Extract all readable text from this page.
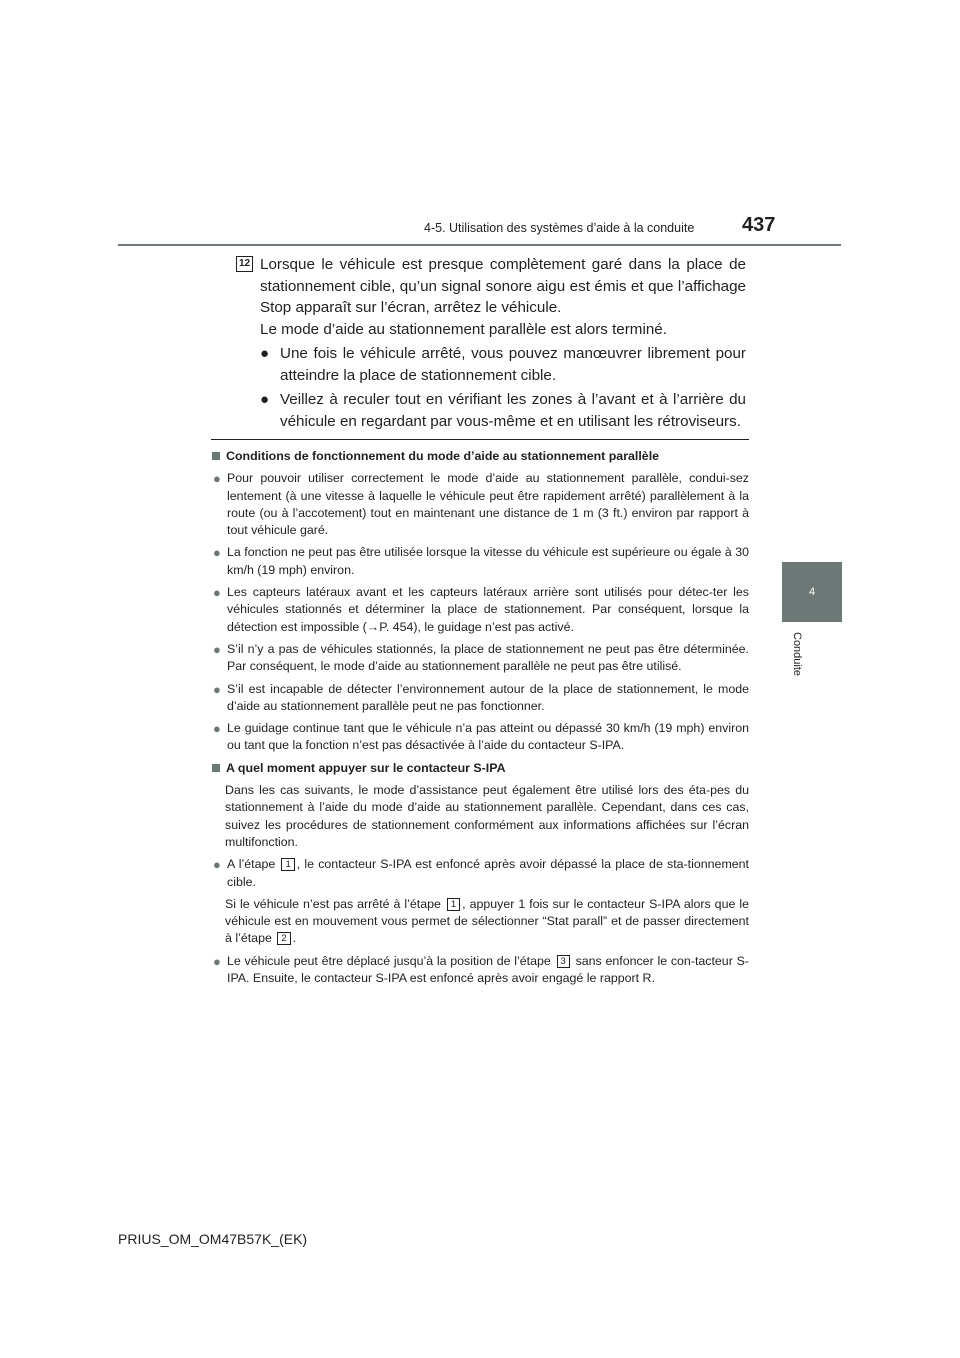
4-5. Utilisation des systèmes d’aide à la conduite 437
4
Conduite
12 Lorsque le véhicule est presque complètement garé dans la place de stationnement cible, qu’un signal sonore aigu est émis et que l’affichage Stop apparaît sur l’écran, arrêtez le véhicule.

Le mode d’aide au stationnement parallèle est alors terminé.

● Une fois le véhicule arrêté, vous pouvez manœuvrer librement pour atteindre la place de stationnement cible.
● Veillez à reculer tout en vérifiant les zones à l’avant et à l’arrière du véhicule en regardant par vous-même et en utilisant les rétroviseurs.
Conditions de fonctionnement du mode d’aide au stationnement parallèle
● Pour pouvoir utiliser correctement le mode d’aide au stationnement parallèle, condui-sez lentement (à une vitesse à laquelle le véhicule peut être rapidement arrêté) parallèlement à la route (ou à l’accotement) tout en maintenant une distance de 1 m (3 ft.) environ par rapport à tout véhicule garé.
● La fonction ne peut pas être utilisée lorsque la vitesse du véhicule est supérieure ou égale à 30 km/h (19 mph) environ.
● Les capteurs latéraux avant et les capteurs latéraux arrière sont utilisés pour détec-ter les véhicules stationnés et déterminer la place de stationnement. Par conséquent, lorsque la détection est impossible (→P. 454), le guidage n’est pas activé.
● S’il n’y a pas de véhicules stationnés, la place de stationnement ne peut pas être déterminée. Par conséquent, le mode d’aide au stationnement parallèle ne peut pas être utilisé.
● S’il est incapable de détecter l’environnement autour de la place de stationnement, le mode d’aide au stationnement parallèle peut ne pas fonctionner.
● Le guidage continue tant que le véhicule n’a pas atteint ou dépassé 30 km/h (19 mph) environ ou tant que la fonction n’est pas désactivée à l’aide du contacteur S-IPA.
A quel moment appuyer sur le contacteur S-IPA
Dans les cas suivants, le mode d’assistance peut également être utilisé lors des éta-pes du stationnement à l’aide du mode d’aide au stationnement parallèle. Cependant, dans ces cas, suivez les procédures de stationnement conformément aux informations affichées sur l’écran multifonction.
● A l’étape 1 , le contacteur S-IPA est enfoncé après avoir dépassé la place de sta-tionnement cible.
Si le véhicule n’est pas arrêté à l’étape 1 , appuyer 1 fois sur le contacteur S-IPA alors que le véhicule est en mouvement vous permet de sélectionner “Stat parall” et de passer directement à l’étape 2 .
● Le véhicule peut être déplacé jusqu’à la position de l’étape 3 sans enfoncer le con-tacteur S-IPA. Ensuite, le contacteur S-IPA est enfoncé après avoir engagé le rapport R.
PRIUS_OM_OM47B57K_(EK)
